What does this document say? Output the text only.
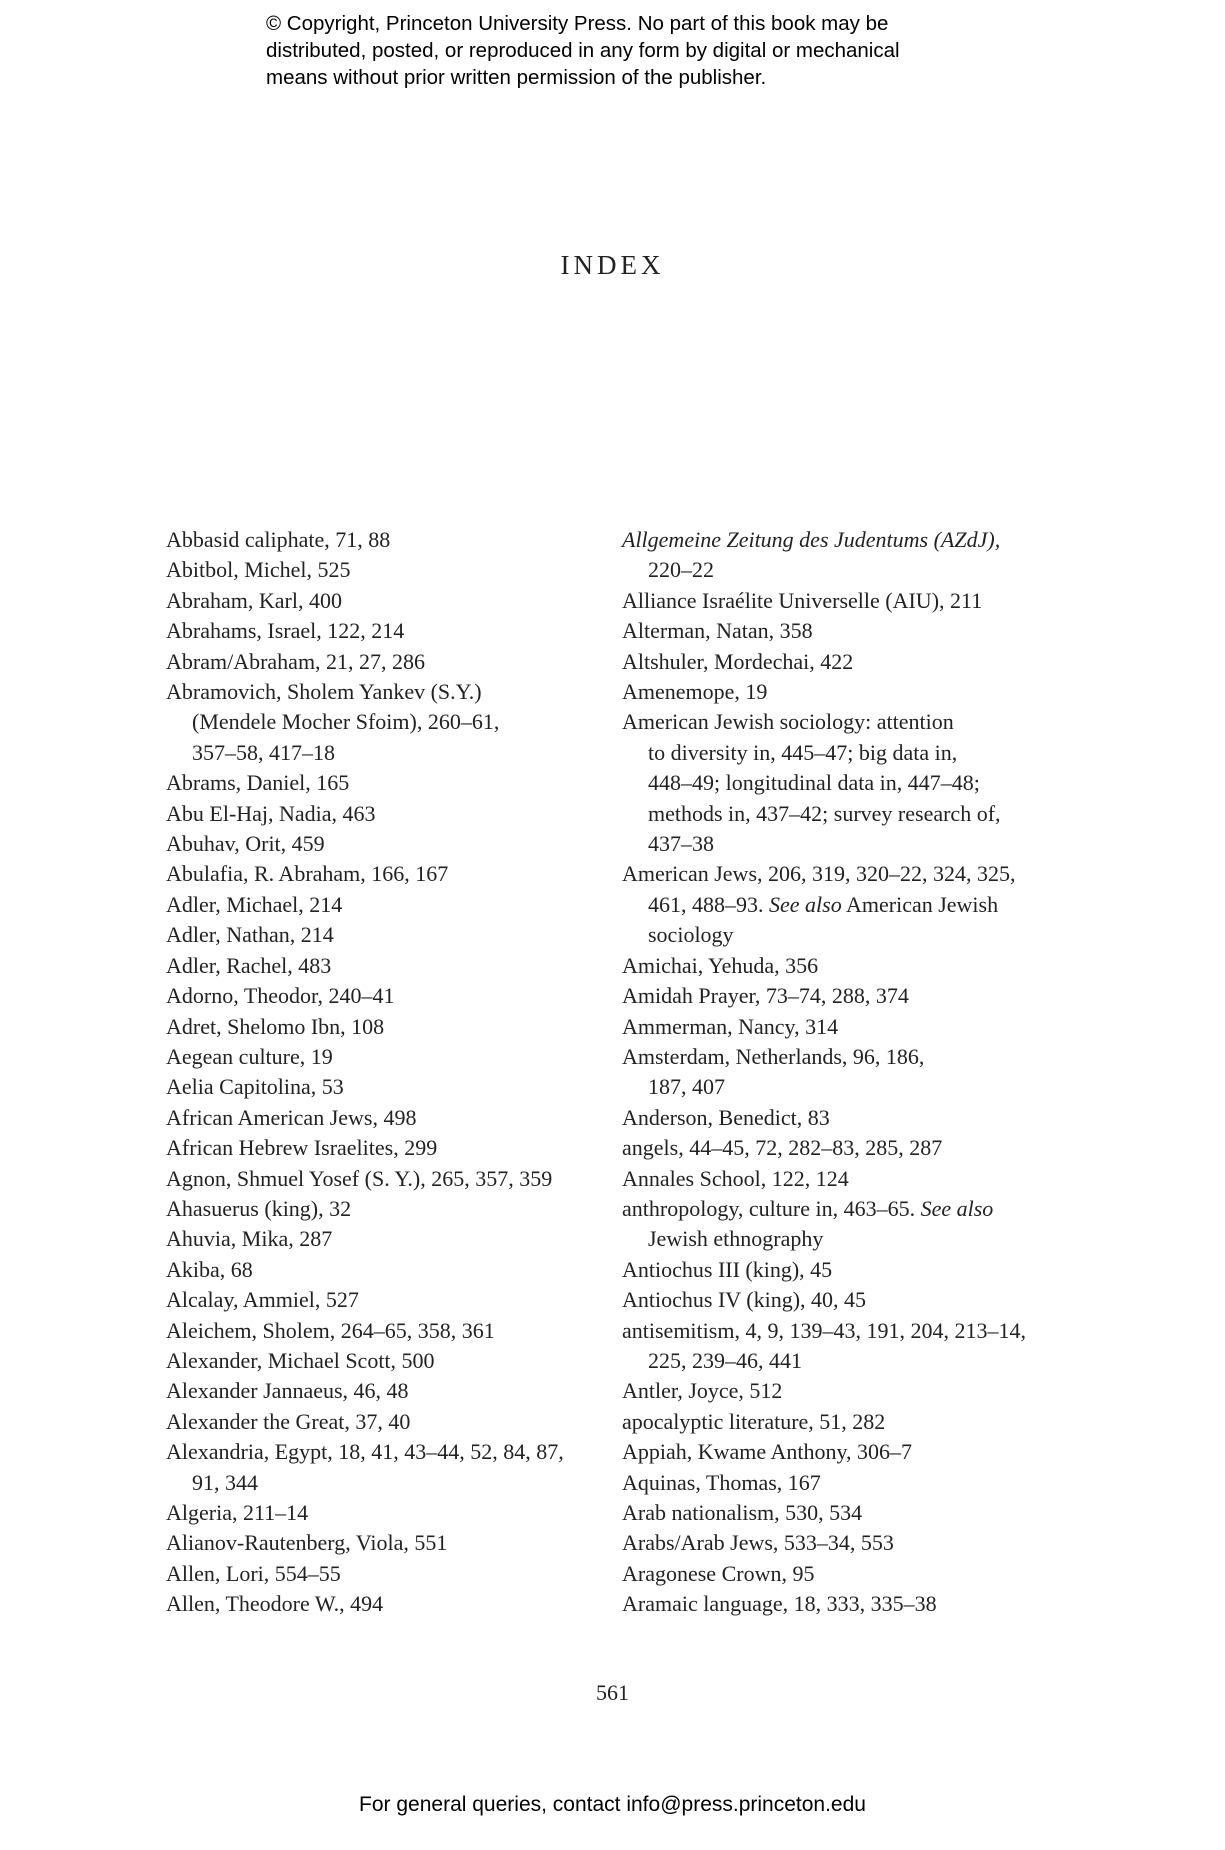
© Copyright, Princeton University Press. No part of this book may be
distributed, posted, or reproduced in any form by digital or mechanical
means without prior written permission of the publisher.
INDEX
Abbasid caliphate, 71, 88
Abitbol, Michel, 525
Abraham, Karl, 400
Abrahams, Israel, 122, 214
Abram/Abraham, 21, 27, 286
Abramovich, Sholem Yankev (S.Y.)
(Mendele Mocher Sfoim), 260–61,
357–58, 417–18
Abrams, Daniel, 165
Abu El-Haj, Nadia, 463
Abuhav, Orit, 459
Abulafia, R. Abraham, 166, 167
Adler, Michael, 214
Adler, Nathan, 214
Adler, Rachel, 483
Adorno, Theodor, 240–41
Adret, Shelomo Ibn, 108
Aegean culture, 19
Aelia Capitolina, 53
African American Jews, 498
African Hebrew Israelites, 299
Agnon, Shmuel Yosef (S. Y.), 265, 357, 359
Ahasuerus (king), 32
Ahuvia, Mika, 287
Akiba, 68
Alcalay, Ammiel, 527
Aleichem, Sholem, 264–65, 358, 361
Alexander, Michael Scott, 500
Alexander Jannaeus, 46, 48
Alexander the Great, 37, 40
Alexandria, Egypt, 18, 41, 43–44, 52, 84, 87,
91, 344
Algeria, 211–14
Alianov-Rautenberg, Viola, 551
Allen, Lori, 554–55
Allen, Theodore W., 494
Allgemeine Zeitung des Judentums (AZdJ),
220–22
Alliance Israélite Universelle (AIU), 211
Alterman, Natan, 358
Altshuler, Mordechai, 422
Amenemope, 19
American Jewish sociology: attention
to diversity in, 445–47; big data in,
448–49; longitudinal data in, 447–48;
methods in, 437–42; survey research of,
437–38
American Jews, 206, 319, 320–22, 324, 325,
461, 488–93. See also American Jewish
sociology
Amichai, Yehuda, 356
Amidah Prayer, 73–74, 288, 374
Ammerman, Nancy, 314
Amsterdam, Netherlands, 96, 186,
187, 407
Anderson, Benedict, 83
angels, 44–45, 72, 282–83, 285, 287
Annales School, 122, 124
anthropology, culture in, 463–65. See also
Jewish ethnography
Antiochus III (king), 45
Antiochus IV (king), 40, 45
antisemitism, 4, 9, 139–43, 191, 204, 213–14,
225, 239–46, 441
Antler, Joyce, 512
apocalyptic literature, 51, 282
Appiah, Kwame Anthony, 306–7
Aquinas, Thomas, 167
Arab nationalism, 530, 534
Arabs/Arab Jews, 533–34, 553
Aragonese Crown, 95
Aramaic language, 18, 333, 335–38
561
For general queries, contact info@press.princeton.edu
